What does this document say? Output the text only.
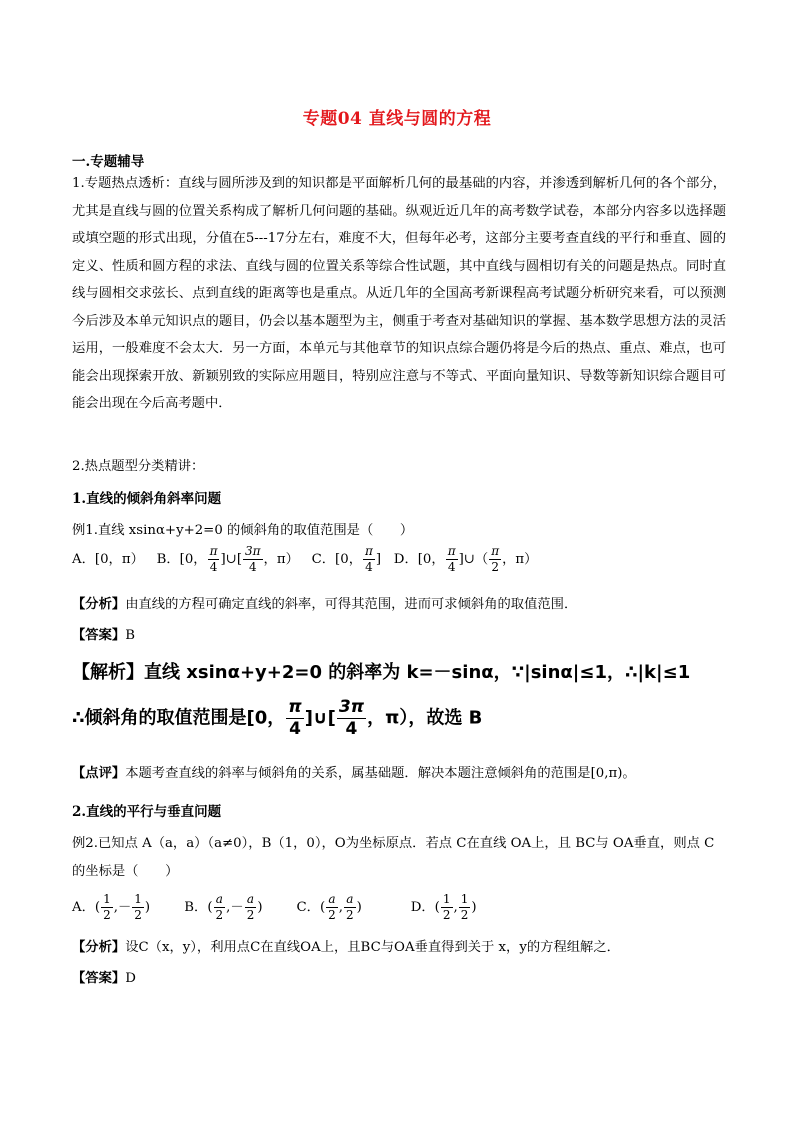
专题04 直线与圆的方程
一.专题辅导
1.专题热点透析：直线与圆所涉及到的知识都是平面解析几何的最基础的内容，并渗透到解析几何的各个部分，尤其是直线与圆的位置关系构成了解析几何问题的基础。纵观近近几年的高考数学试卷，本部分内容多以选择题或填空题的形式出现，分值在5---17分左右，难度不大，但每年必考，这部分主要考查直线的平行和垂直、圆的定义、性质和圆方程的求法、直线与圆的位置关系等综合性试题，其中直线与圆相切有关的问题是热点。同时直线与圆相交求弦长、点到直线的距离等也是重点。从近几年的全国高考新课程高考试题分析研究来看，可以预测今后涉及本单元知识点的题目，仍会以基本题型为主，侧重于考查对基础知识的掌握、基本数学思想方法的灵活运用，一般难度不会太大．另一方面，本单元与其他章节的知识点综合题仍将是今后的热点、重点、难点，也可能会出现探索开放、新颖别致的实际应用题目，特别应注意与不等式、平面向量知识、导数等新知识综合题目可能会出现在今后高考题中．
2.热点题型分类精讲：
1.直线的倾斜角斜率问题
例1.直线 xsinα+y+2=0 的倾斜角的取值范围是（　　）
A．[0，π） B．[0， $\frac{\pi}{4}$ ]∪[ $\frac{3\pi}{4}$ ，π） C．[0， $\frac{\pi}{4}$ ] D．[0， $\frac{\pi}{4}$ ]∪（ $\frac{\pi}{2}$ ，π）
【分析】由直线的方程可确定直线的斜率，可得其范围，进而可求倾斜角的取值范围．
【答案】B
【解析】直线 xsinα+y+2=0 的斜率为 k=－sinα，∵|sinα|≤1，∴|k|≤1
∴倾斜角的取值范围是[0， $\frac{\pi}{4}$ ]∪[ $\frac{3\pi}{4}$ ，π），故选 B
【点评】本题考查直线的斜率与倾斜角的关系，属基础题．解决本题注意倾斜角的范围是[0,π)。
2.直线的平行与垂直问题
例2.已知点 A（a，a）（a≠0），B（1，0），O为坐标原点．若点 C在直线 OA上，且 BC与 OA垂直，则点 C
的坐标是（　　）
A．( $\frac{1}{2}$ ,－ $\frac{1}{2}$ )	B．( $\frac{a}{2}$ ,－ $\frac{a}{2}$ )	C．( $\frac{a}{2}$ , $\frac{a}{2}$ )	D．( $\frac{1}{2}$ , $\frac{1}{2}$ )
【分析】设C（x，y），利用点C在直线OA上，且BC与OA垂直得到关于 x，y的方程组解之．
【答案】D
